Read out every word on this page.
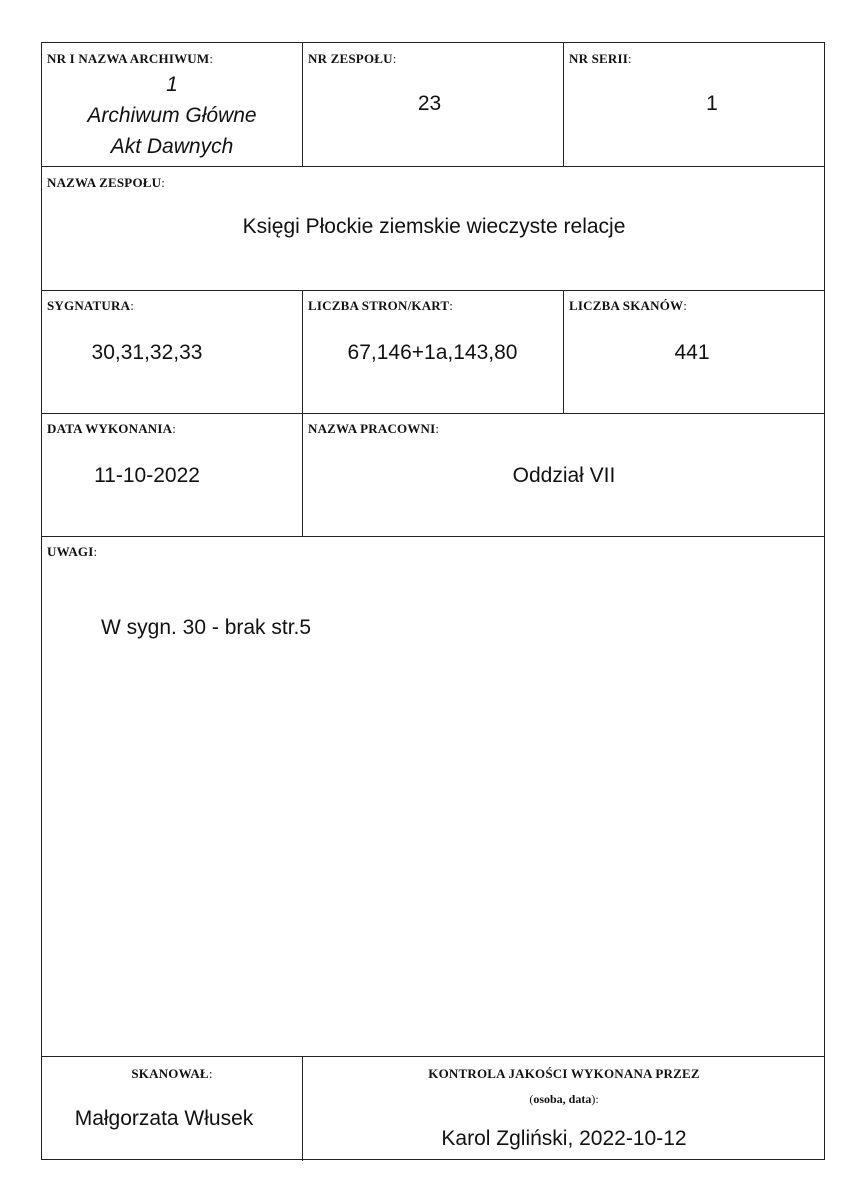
NR I NAZWA ARCHIWUM:
1
Archiwum Główne
Akt Dawnych
NR ZESPOŁU:
23
NR SERII:
1
NAZWA ZESPOŁU:
Księgi Płockie ziemskie wieczyste relacje
SYGNATURA:
30,31,32,33
LICZBA STRON/KART:
67,146+1a,143,80
LICZBA SKANÓW:
441
DATA WYKONANIA:
11-10-2022
NAZWA PRACOWNI:
Oddział VII
UWAGI:
W sygn. 30 - brak str.5
SKANOWAŁ:
Małgorzata Włusek
KONTROLA JAKOŚCI WYKONANA PRZEZ
(osoba, data):
Karol Zgliński, 2022-10-12
